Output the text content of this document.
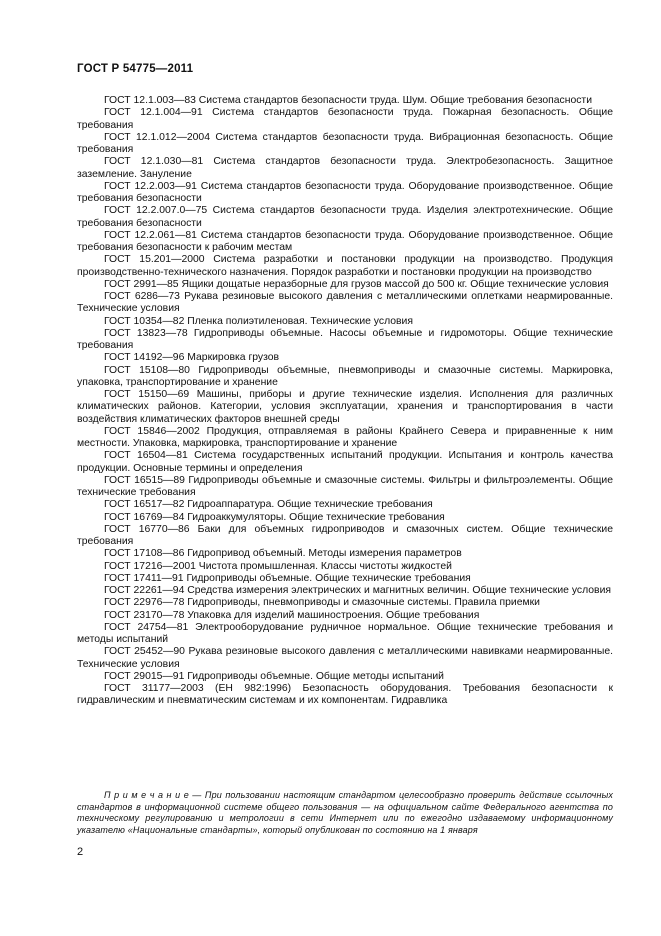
ГОСТ Р 54775—2011

ГОСТ 12.1.003—83 Система стандартов безопасности труда. Шум. Общие требования безопасности

ГОСТ 12.1.004—91 Система стандартов безопасности труда. Пожарная безопасность. Общие требования

ГОСТ 12.1.012—2004 Система стандартов безопасности труда. Вибрационная безопасность. Общие требования

ГОСТ 12.1.030—81 Система стандартов безопасности труда. Электробезопасность. Защитное заземление. Зануление

ГОСТ 12.2.003—91 Система стандартов безопасности труда. Оборудование производственное. Общие требования безопасности

ГОСТ 12.2.007.0—75 Система стандартов безопасности труда. Изделия электротехнические. Общие требования безопасности

ГОСТ 12.2.061—81 Система стандартов безопасности труда. Оборудование производственное. Общие требования безопасности к рабочим местам

ГОСТ 15.201—2000 Система разработки и постановки продукции на производство. Продукция производственно-технического назначения. Порядок разработки и постановки продукции на производство

ГОСТ 2991—85 Ящики дощатые неразборные для грузов массой до 500 кг. Общие технические условия

ГОСТ 6286—73 Рукава резиновые высокого давления с металлическими оплетками неармированные. Технические условия

ГОСТ 10354—82 Пленка полиэтиленовая. Технические условия

ГОСТ 13823—78 Гидроприводы объемные. Насосы объемные и гидромоторы. Общие технические требования

ГОСТ 14192—96 Маркировка грузов

ГОСТ 15108—80 Гидроприводы объемные, пневмоприводы и смазочные системы. Маркировка, упаковка, транспортирование и хранение

ГОСТ 15150—69 Машины, приборы и другие технические изделия. Исполнения для различных климатических районов. Категории, условия эксплуатации, хранения и транспортирования в части воздействия климатических факторов внешней среды

ГОСТ 15846—2002 Продукция, отправляемая в районы Крайнего Севера и приравненные к ним местности. Упаковка, маркировка, транспортирование и хранение

ГОСТ 16504—81 Система государственных испытаний продукции. Испытания и контроль качества продукции. Основные термины и определения

ГОСТ 16515—89 Гидроприводы объемные и смазочные системы. Фильтры и фильтроэлементы. Общие технические требования

ГОСТ 16517—82 Гидроаппаратура. Общие технические требования

ГОСТ 16769—84 Гидроаккумуляторы. Общие технические требования

ГОСТ 16770—86 Баки для объемных гидроприводов и смазочных систем. Общие технические требования

ГОСТ 17108—86 Гидропривод объемный. Методы измерения параметров

ГОСТ 17216—2001 Чистота промышленная. Классы чистоты жидкостей

ГОСТ 17411—91 Гидроприводы объемные. Общие технические требования

ГОСТ 22261—94 Средства измерения электрических и магнитных величин. Общие технические условия

ГОСТ 22976—78 Гидроприводы, пневмоприводы и смазочные системы. Правила приемки

ГОСТ 23170—78 Упаковка для изделий машиностроения. Общие требования

ГОСТ 24754—81 Электрооборудование рудничное нормальное. Общие технические требования и методы испытаний

ГОСТ 25452—90 Рукава резиновые высокого давления с металлическими навивками неармированные. Технические условия

ГОСТ 29015—91 Гидроприводы объемные. Общие методы испытаний

ГОСТ 31177—2003 (ЕН 982:1996) Безопасность оборудования. Требования безопасности к гидравлическим и пневматическим системам и их компонентам. Гидравлика

П р и м е ч а н и е — При пользовании настоящим стандартом целесообразно проверить действие ссылочных стандартов в информационной системе общего пользования — на официальном сайте Федерального агентства по техническому регулированию и метрологии в сети Интернет или по ежегодно издаваемому информационному указателю «Национальные стандарты», который опубликован по состоянию на 1 января

2
